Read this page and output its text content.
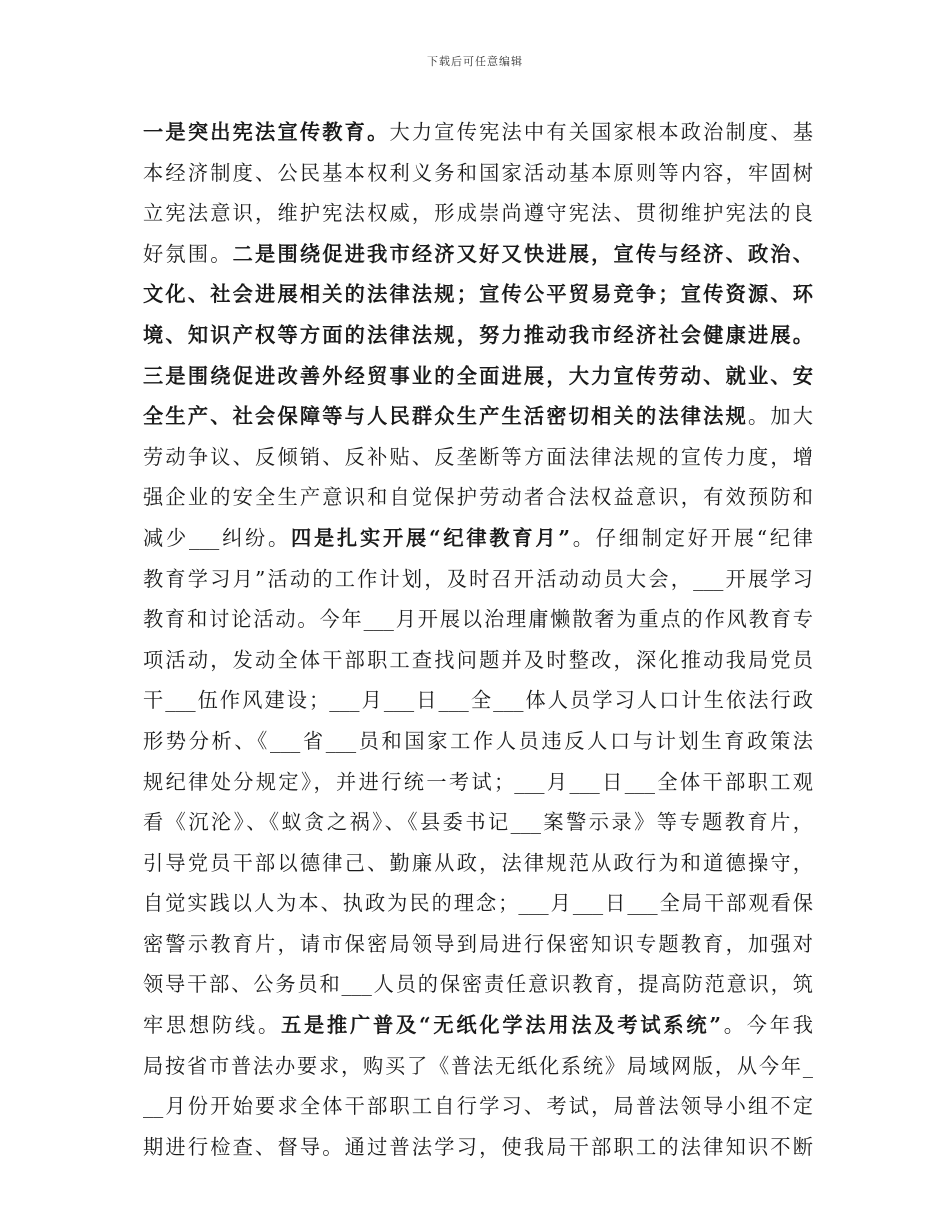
下载后可任意编辑
一是突出宪法宣传教育。大力宣传宪法中有关国家根本政治制度、基
本经济制度、公民基本权利义务和国家活动基本原则等内容，牢固树
立宪法意识，维护宪法权威，形成崇尚遵守宪法、贯彻维护宪法的良
好氛围。二是围绕促进我市经济又好又快进展，宣传与经济、政治、
文化、社会进展相关的法律法规；宣传公平贸易竞争；宣传资源、环
境、知识产权等方面的法律法规，努力推动我市经济社会健康进展。
三是围绕促进改善外经贸事业的全面进展，大力宣传劳动、就业、安
全生产、社会保障等与人民群众生产生活密切相关的法律法规。加大
劳动争议、反倾销、反补贴、反垄断等方面法律法规的宣传力度，增
强企业的安全生产意识和自觉保护劳动者合法权益意识，有效预防和
减少___纠纷。四是扎实开展“纪律教育月”。仔细制定好开展“纪律
教育学习月”活动的工作计划，及时召开活动动员大会，___开展学习
教育和讨论活动。今年___月开展以治理庸懒散奢为重点的作风教育专
项活动，发动全体干部职工查找问题并及时整改，深化推动我局党员
干___伍作风建设；___月___日___全___体人员学习人口计生依法行政
形势分析、《___省___员和国家工作人员违反人口与计划生育政策法
规纪律处分规定》，并进行统一考试；___月___日___全体干部职工观
看《沉沦》、《蚁贪之祸》、《县委书记___案警示录》等专题教育片，
引导党员干部以德律己、勤廉从政，法律规范从政行为和道德操守，
自觉实践以人为本、执政为民的理念；___月___日___全局干部观看保
密警示教育片，请市保密局领导到局进行保密知识专题教育，加强对
领导干部、公务员和___人员的保密责任意识教育，提高防范意识，筑
牢思想防线。五是推广普及“无纸化学法用法及考试系统”。今年我
局按省市普法办要求，购买了《普法无纸化系统》局域网版，从今年_
__月份开始要求全体干部职工自行学习、考试，局普法领导小组不定
期进行检查、督导。通过普法学习，使我局干部职工的法律知识不断
